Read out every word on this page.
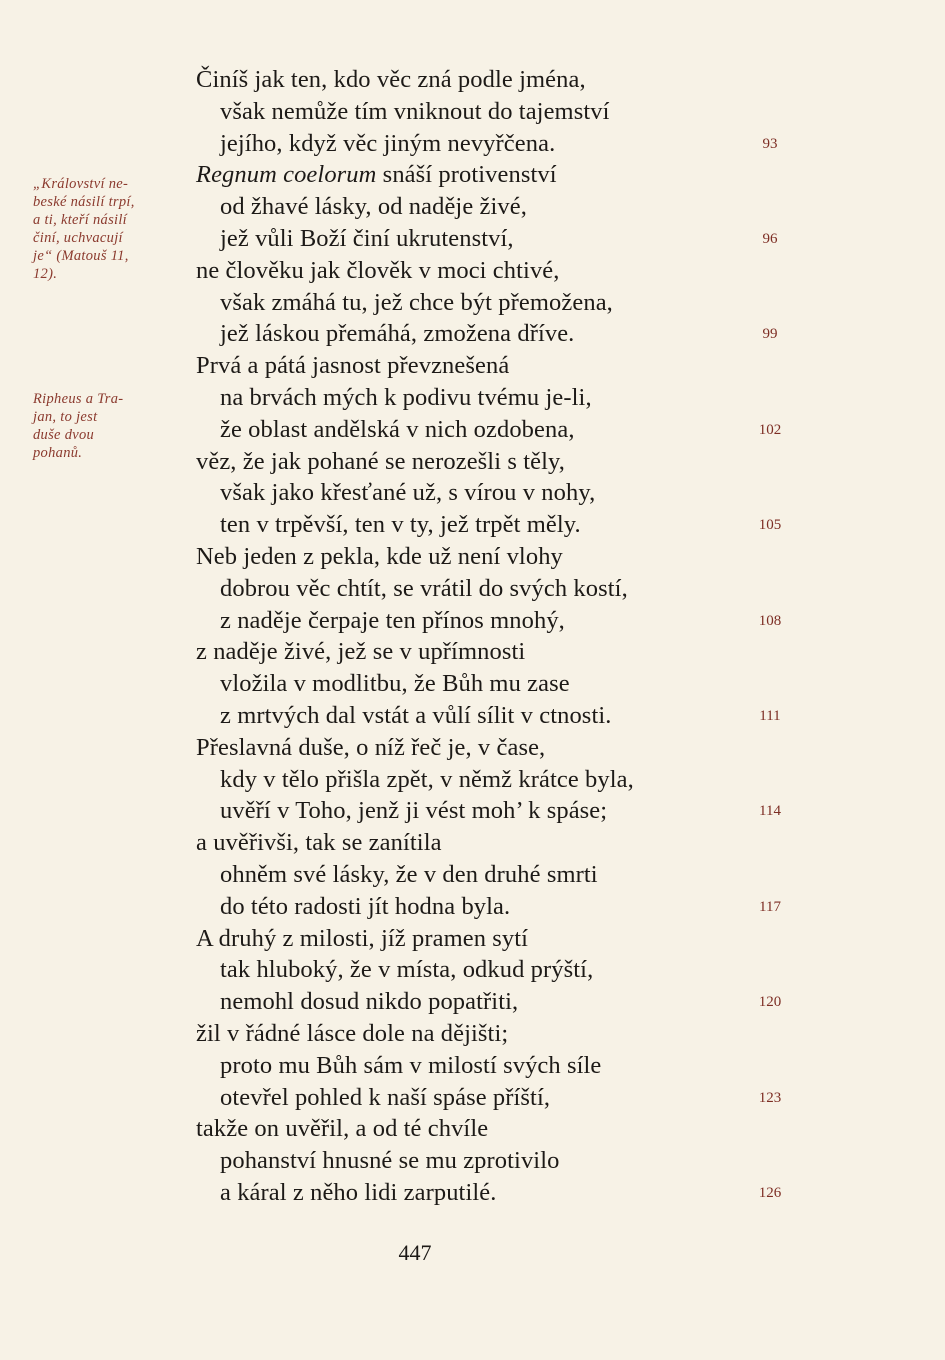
„Království ne-
beské násilí trpí,
a ti, kteří násilí
činí, uchvacují
je“ (Matouš 11,
12).
Ripheus a Tra-
jan, to jest
duše dvou
pohanů.
Činíš jak ten, kdo věc zná podle jména,
však nemůže tím vniknout do tajemství
jejího, když věc jiným nevyřčena.
Regnum coelorum snáší protivenství
od žhavé lásky, od naděje živé,
jež vůli Boží činí ukrutenství,
ne člověku jak člověk v moci chtivé,
však zmáhá tu, jež chce být přemožena,
jež láskou přemáhá, zmožena dříve.
Prvá a pátá jasnost převznešená
na brvách mých k podivu tvému je-li,
že oblast andělská v nich ozdobena,
věz, že jak pohané se nerozešli s těly,
však jako křesťané už, s vírou v nohy,
ten v trpěvší, ten v ty, jež trpět měly.
Neb jeden z pekla, kde už není vlohy
dobrou věc chtít, se vrátil do svých kostí,
z naděje čerpaje ten přínos mnohý,
z naděje živé, jež se v upřímnosti
vložila v modlitbu, že Bůh mu zase
z mrtvých dal vstát a vůlí sílit v ctnosti.
Přeslavná duše, o níž řeč je, v čase,
kdy v tělo přišla zpět, v němž krátce byla,
uvěří v Toho, jenž ji vést moh’ k spáse;
a uvěřivši, tak se zanítila
ohněm své lásky, že v den druhé smrti
do této radosti jít hodna byla.
A druhý z milosti, jíž pramen sytí
tak hluboký, že v místa, odkud prýští,
nemohl dosud nikdo popatřiti,
žil v řádné lásce dole na dějišti;
proto mu Bůh sám v milostí svých síle
otevřel pohled k naší spáse příští,
takže on uvěřil, a od té chvíle
pohanství hnusné se mu zprotivilo
a káral z něho lidi zarputilé.
93
96
99
102
105
108
111
114
117
120
123
126
447
